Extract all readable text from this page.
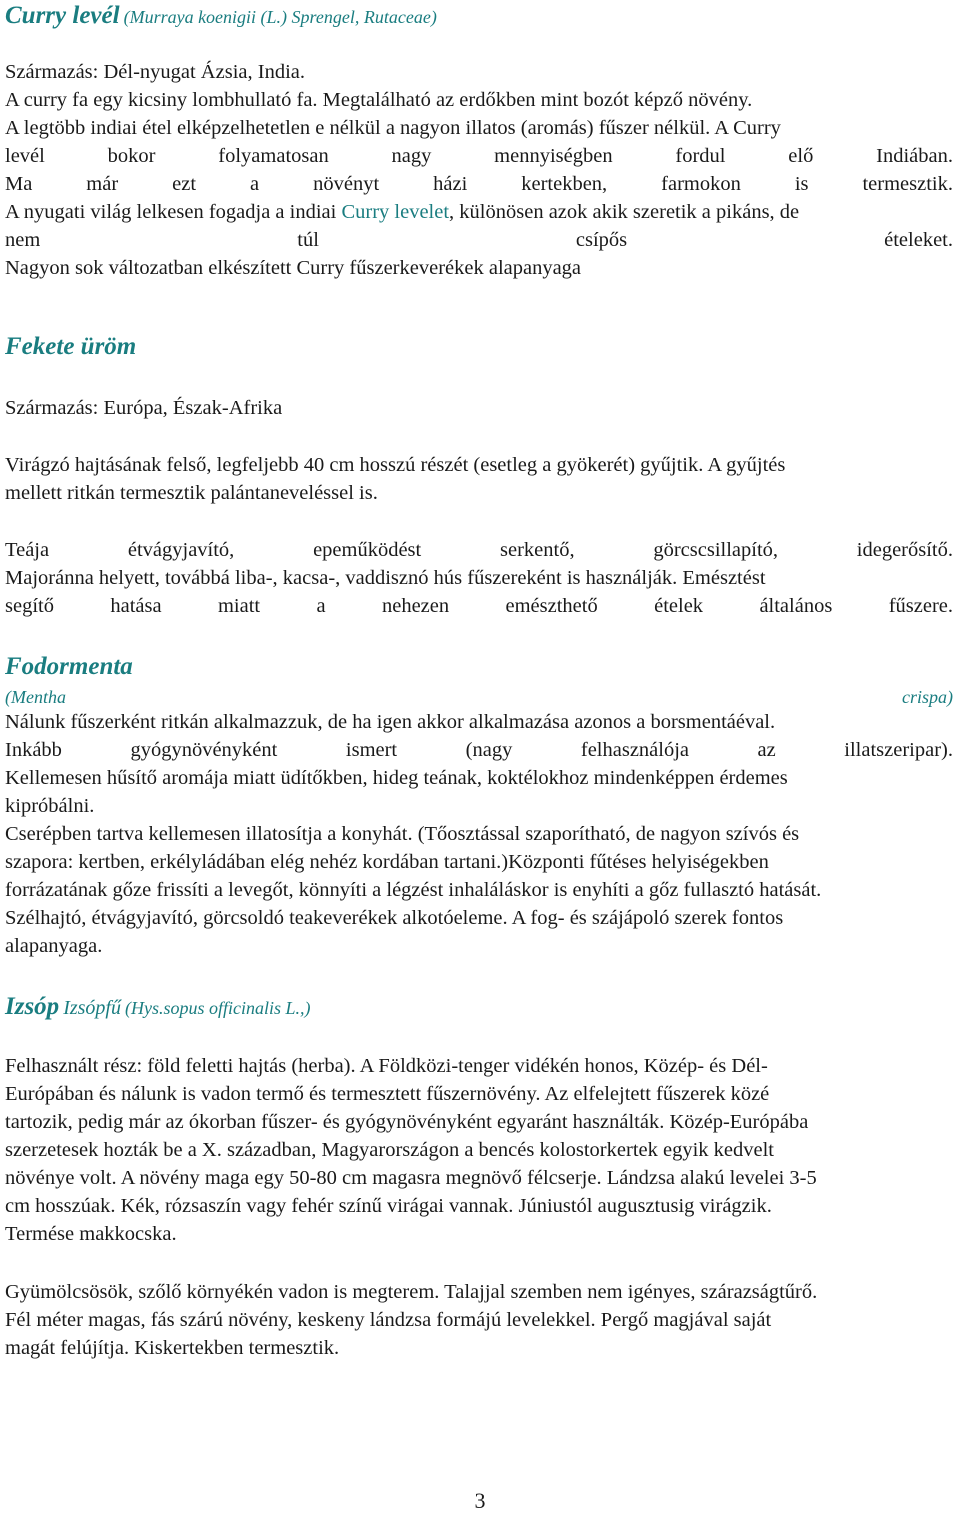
Curry levél (Murraya koenigii (L.) Sprengel, Rutaceae)
Származás: Dél-nyugat Ázsia, India.
A curry fa egy kicsiny lombhullató fa. Megtalálható az erdőkben mint bozót képző növény.
A legtöbb indiai étel elképzelhetetlen e nélkül a nagyon illatos (aromás) fűszer nélkül. A Curry
levél bokor folyamatosan nagy mennyiségben fordul elő Indiában.
Ma már ezt a növényt házi kertekben, farmokon is termesztik.
A nyugati világ lelkesen fogadja a indiai Curry levelet, különösen azok akik szeretik a pikáns, de
nem túl csípős ételeket.
Nagyon sok változatban elkészített Curry fűszerkeverékek alapanyaga
Fekete üröm
Származás: Európa, Észak-Afrika
Virágzó hajtásának felső, legfeljebb 40 cm hosszú részét (esetleg a gyökerét) gyűjtik. A gyűjtés
mellett ritkán termesztik palántaneveléssel is.
Teája étvágyjavító, epeműködést serkentő, görcscsillapító, idegerősítő.
Majoránna helyett, továbbá liba-, kacsa-, vaddisznó hús fűszereként is használják. Emésztést
segítő hatása miatt a nehezen emészthető ételek általános fűszere.
Fodormenta
(Mentha	crispa)
Nálunk fűszerként ritkán alkalmazzuk, de ha igen akkor alkalmazása azonos a borsmentáéval.
Inkább gyógynövényként ismert (nagy felhasználója az illatszeripar).
Kellemesen hűsítő aromája miatt üdítőkben, hideg teának, koktélokhoz mindenképpen érdemes
kipróbálni.
Cserépben tartva kellemesen illatosítja a konyhát. (Tőosztással szaporítható, de nagyon szívós és
szapora: kertben, erkélyládában elég nehéz kordában tartani.)Központi fűtéses helyiségekben
forrázatának gőze frissíti a levegőt, könnyíti a légzést inhaláláskor is enyhíti a gőz fullasztó hatását.
Szélhajtó, étvágyjavító, görcsoldó teakeverékek alkotóeleme. A fog- és szájápoló szerek fontos
alapanyaga.
Izsóp Izsópfű (Hys.sopus officinalis L.,)
Felhasznált rész: föld feletti hajtás (herba). A Földközi-tenger vidékén honos, Közép- és Dél-
Európában és nálunk is vadon termő és termesztett fűszernövény. Az elfelejtett fűszerek közé
tartozik, pedig már az ókorban fűszer- és gyógynövényként egyaránt használták. Közép-Európába
szerzetesek hozták be a X. században, Magyarországon a bencés kolostorkertek egyik kedvelt
növénye volt. A növény maga egy 50-80 cm magasra megnövő félcserje. Lándzsa alakú levelei 3-5
cm hosszúak. Kék, rózsaszín vagy fehér színű virágai vannak. Júniustól augusztusig virágzik.
Termése makkocska.
Gyümölcsösök, szőlő környékén vadon is megterem. Talajjal szemben nem igényes, szárazságtűrő.
Fél méter magas, fás szárú növény, keskeny lándzsa formájú levelekkel. Pergő magjával saját
magát felújítja. Kiskertekben termesztik.
3
